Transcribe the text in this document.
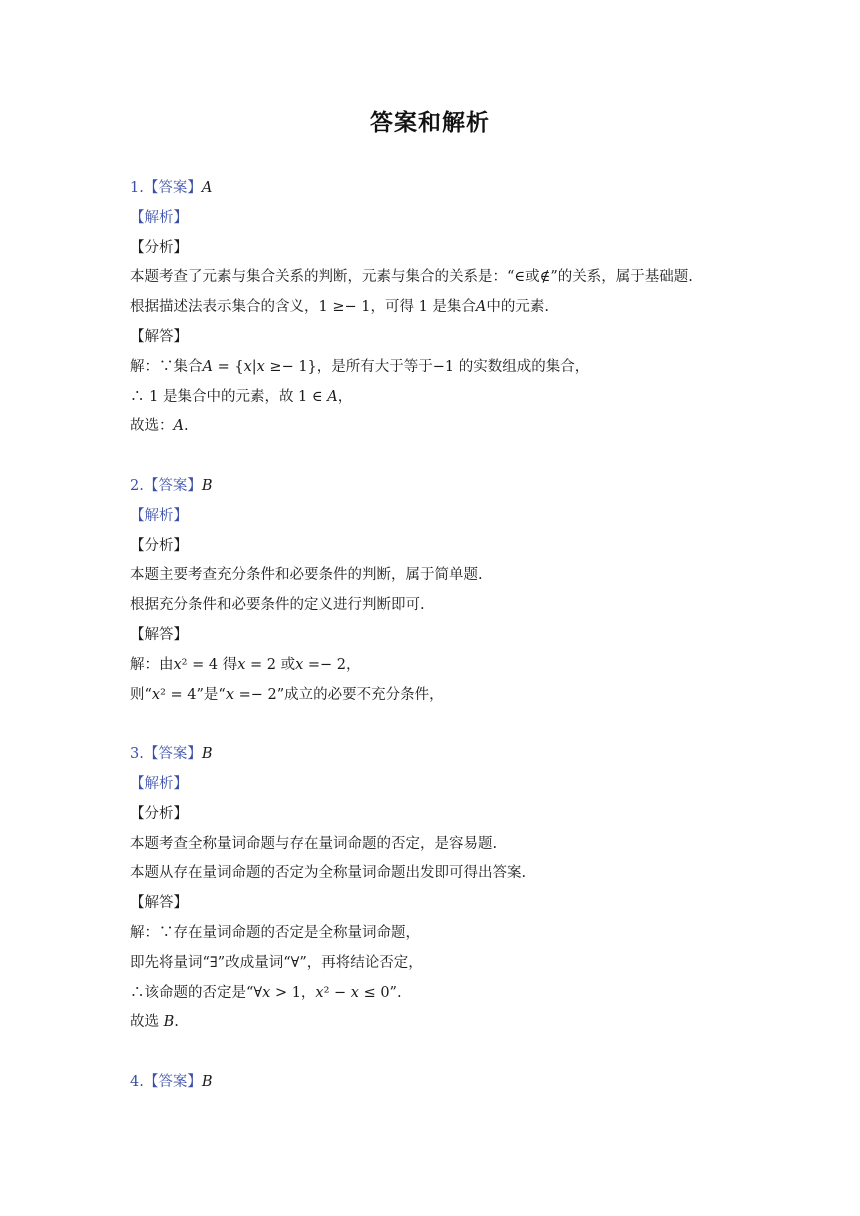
答案和解析
1.【答案】A
【解析】
【分析】
本题考查了元素与集合关系的判断，元素与集合的关系是：“∈或∉”的关系，属于基础题.
根据描述法表示集合的含义，1 ≥− 1，可得 1 是集合𝐴中的元素.
【解答】
解：∵集合𝐴 = {𝑥|𝑥 ≥− 1}，是所有大于等于−1 的实数组成的集合，
∴ 1 是集合中的元素，故 1 ∈ 𝐴，
故选：𝐴.
2.【答案】B
【解析】
【分析】
本题主要考查充分条件和必要条件的判断，属于简单题.
根据充分条件和必要条件的定义进行判断即可.
【解答】
解：由𝑥² = 4 得𝑥 = 2 或𝑥 =− 2，
则“𝑥² = 4”是“𝑥 =− 2”成立的必要不充分条件，
3.【答案】B
【解析】
【分析】
本题考查全称量词命题与存在量词命题的否定，是容易题.
本题从存在量词命题的否定为全称量词命题出发即可得出答案.
【解答】
解：∵存在量词命题的否定是全称量词命题，
即先将量词“∃”改成量词“∀”，再将结论否定，
∴该命题的否定是“∀𝑥 > 1，𝑥² − 𝑥 ≤ 0”.
故选 𝐵.
4.【答案】B
